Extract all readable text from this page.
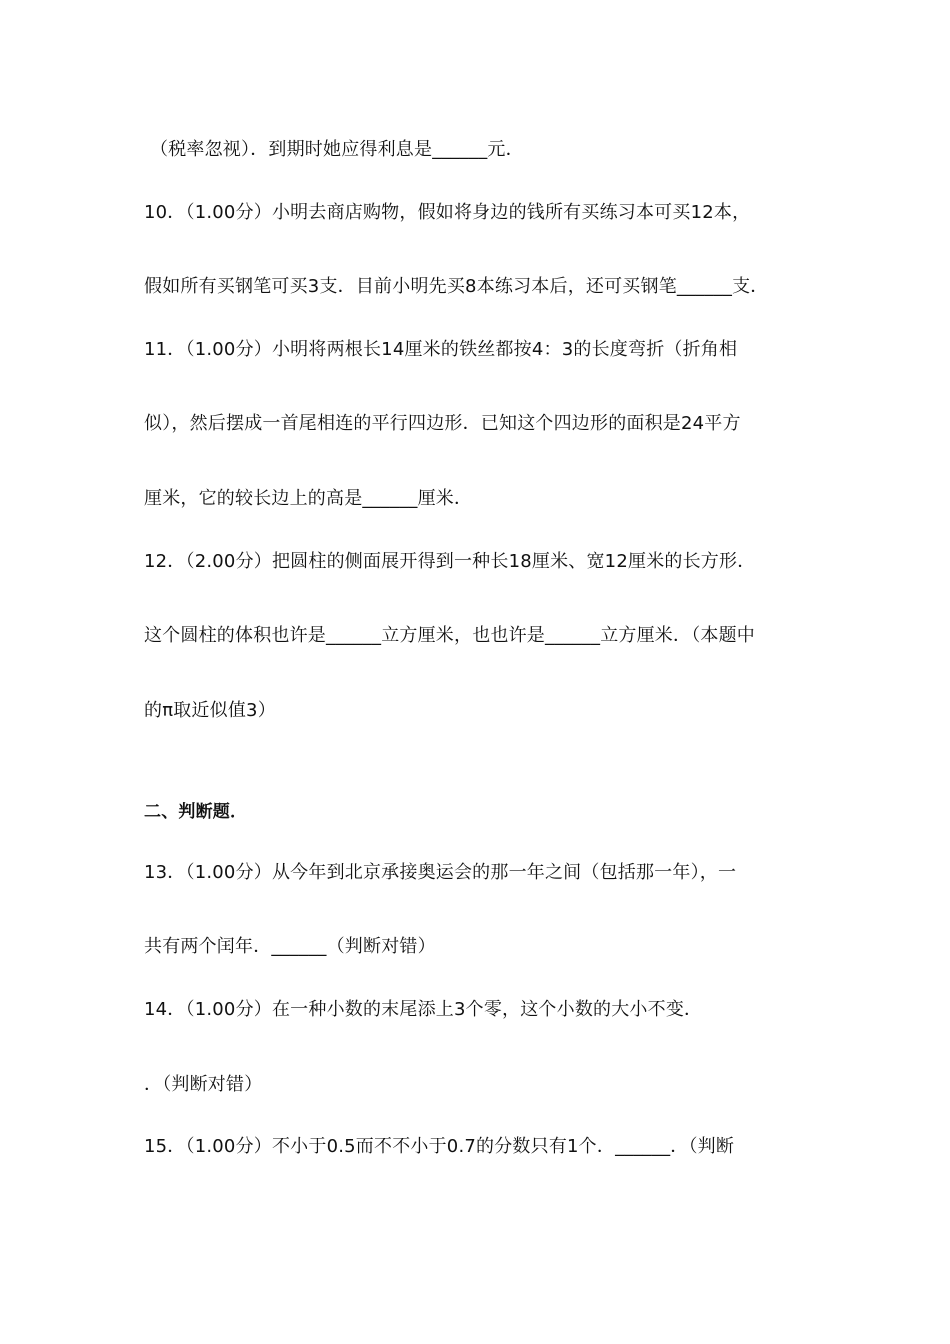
（税率忽视）．到期时她应得利息是______元．
10．（1.00分）小明去商店购物，假如将身边的钱所有买练习本可买12本，
假如所有买钢笔可买3支．目前小明先买8本练习本后，还可买钢笔______支．
11．（1.00分）小明将两根长14厘米的铁丝都按4：3的长度弯折（折角相
似），然后摆成一首尾相连的平行四边形．已知这个四边形的面积是24平方
厘米，它的较长边上的高是______厘米．
12．（2.00分）把圆柱的侧面展开得到一种长18厘米、宽12厘米的长方形．
这个圆柱的体积也许是______立方厘米，也也许是______立方厘米．（本题中
的π取近似值3）
二、判断题．
13．（1.00分）从今年到北京承接奥运会的那一年之间（包括那一年），一
共有两个闰年．______（判断对错）
14．（1.00分）在一种小数的末尾添上3个零，这个小数的大小不变．
．（判断对错）
15．（1.00分）不小于0.5而不不小于0.7的分数只有1个．______．（判断
